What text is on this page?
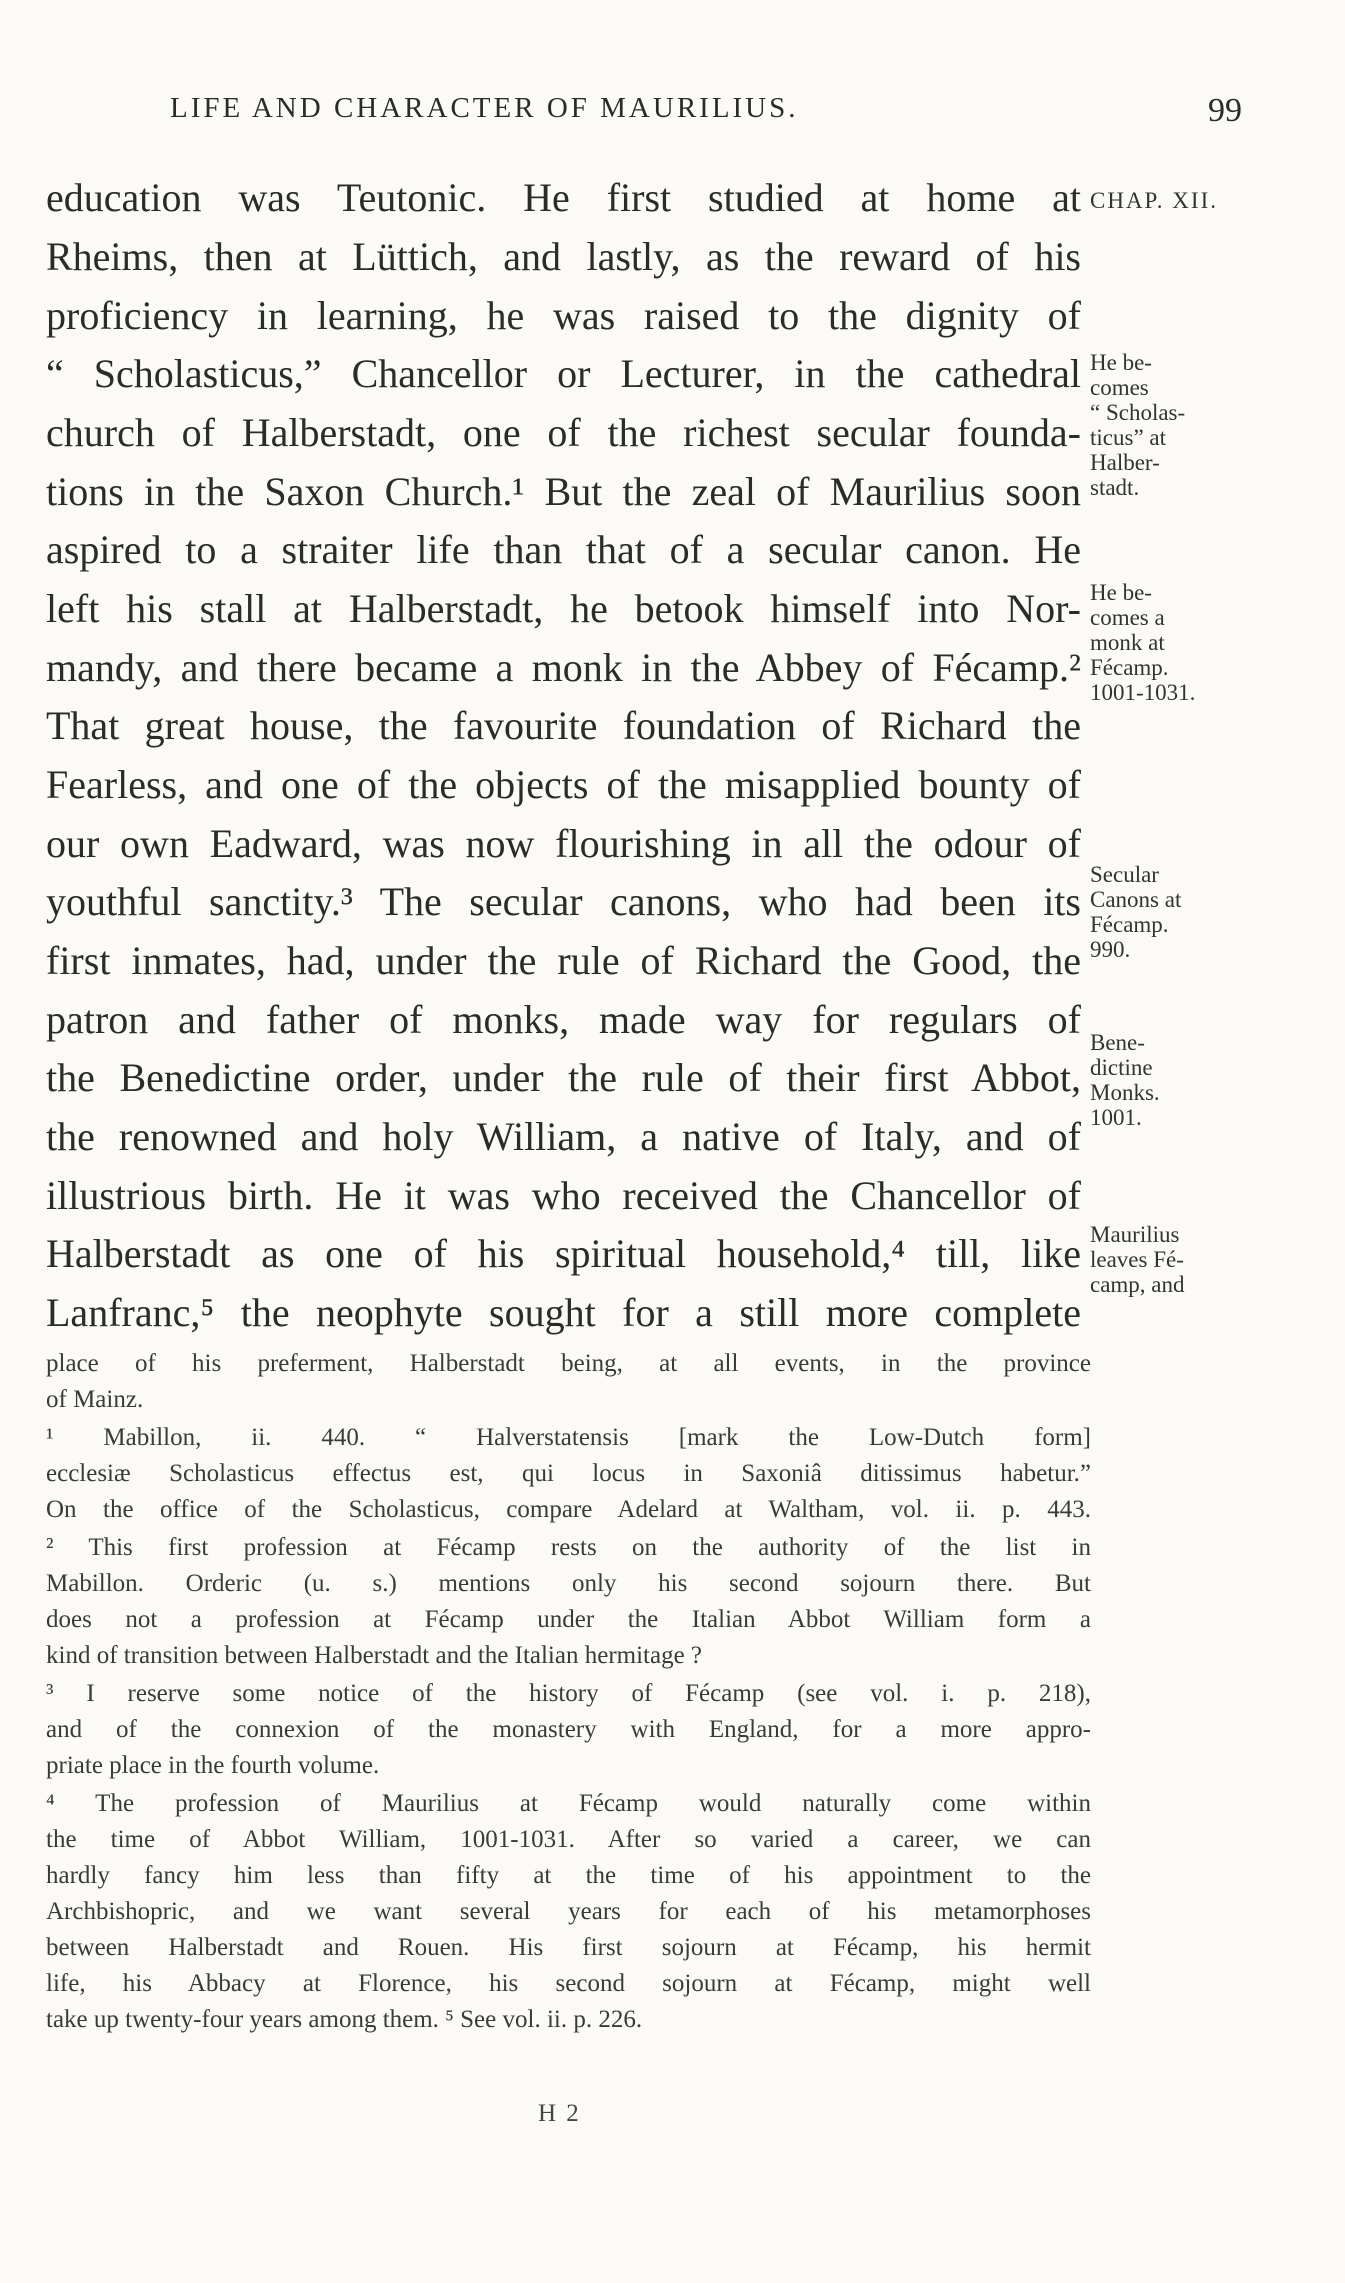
LIFE AND CHARACTER OF MAURILIUS.	99
education was Teutonic. He first studied at home at
Rheims, then at Lüttich, and lastly, as the reward of his
proficiency in learning, he was raised to the dignity of
“ Scholasticus,” Chancellor or Lecturer, in the cathedral
church of Halberstadt, one of the richest secular founda-
tions in the Saxon Church.¹ But the zeal of Maurilius soon
aspired to a straiter life than that of a secular canon. He
left his stall at Halberstadt, he betook himself into Nor-
mandy, and there became a monk in the Abbey of Fécamp.²
That great house, the favourite foundation of Richard the
Fearless, and one of the objects of the misapplied bounty of
our own Eadward, was now flourishing in all the odour of
youthful sanctity.³ The secular canons, who had been its
first inmates, had, under the rule of Richard the Good, the
patron and father of monks, made way for regulars of
the Benedictine order, under the rule of their first Abbot,
the renowned and holy William, a native of Italy, and of
illustrious birth. He it was who received the Chancellor of
Halberstadt as one of his spiritual household,⁴ till, like
Lanfranc,⁵ the neophyte sought for a still more complete
CHAP. XII.
He be-
comes
“ Scholas-
ticus” at
Halber-
stadt.
He be-
comes a
monk at
Fécamp.
1001-1031.
Secular
Canons at
Fécamp.
990.
Bene-
dictine
Monks.
1001.
Maurilius
leaves Fé-
camp, and
place of his preferment, Halberstadt being, at all events, in the province
of Mainz.
¹ Mabillon, ii. 440. “ Halverstatensis [mark the Low-Dutch form]
ecclesiæ Scholasticus effectus est, qui locus in Saxoniâ ditissimus habetur.”
On the office of the Scholasticus, compare Adelard at Waltham, vol. ii. p. 443.
² This first profession at Fécamp rests on the authority of the list in
Mabillon. Orderic (u. s.) mentions only his second sojourn there. But
does not a profession at Fécamp under the Italian Abbot William form a
kind of transition between Halberstadt and the Italian hermitage ?
³ I reserve some notice of the history of Fécamp (see vol. i. p. 218),
and of the connexion of the monastery with England, for a more appro-
priate place in the fourth volume.
⁴ The profession of Maurilius at Fécamp would naturally come within
the time of Abbot William, 1001-1031. After so varied a career, we can
hardly fancy him less than fifty at the time of his appointment to the
Archbishopric, and we want several years for each of his metamorphoses
between Halberstadt and Rouen. His first sojourn at Fécamp, his hermit
life, his Abbacy at Florence, his second sojourn at Fécamp, might well
take up twenty-four years among them. ⁵ See vol. ii. p. 226.
H 2
